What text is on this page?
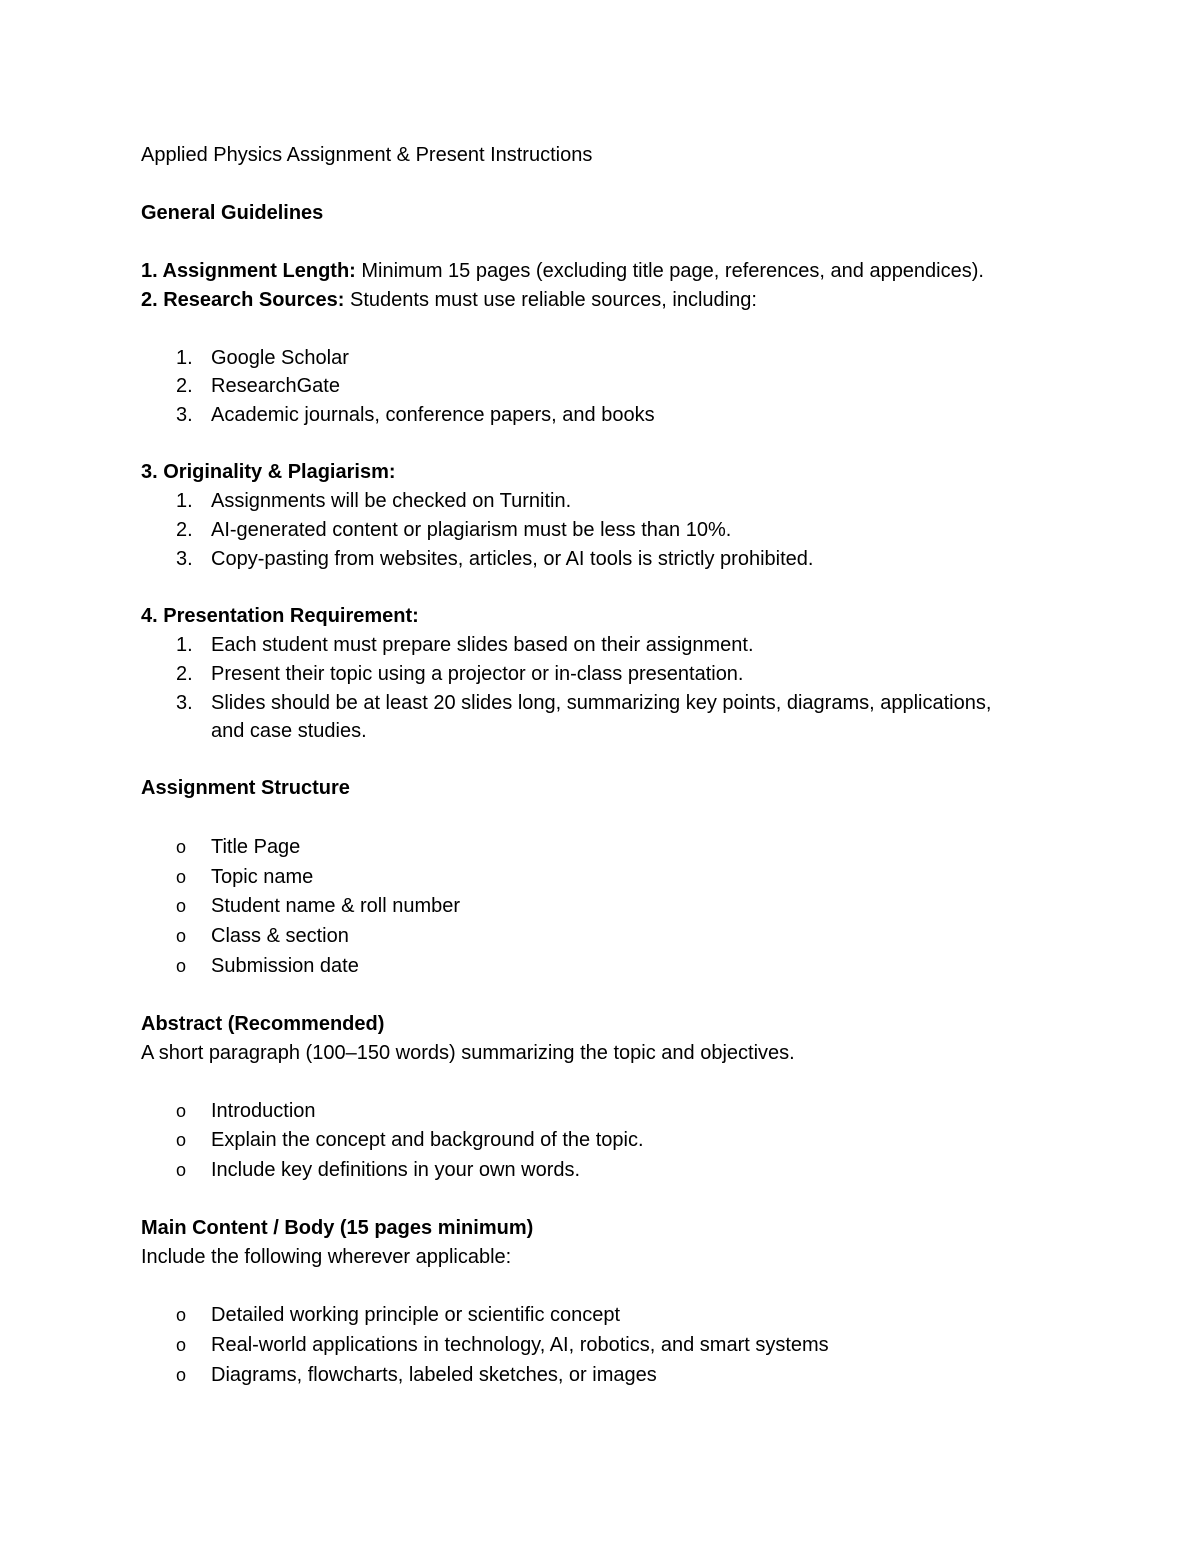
Applied Physics Assignment & Present Instructions
General Guidelines
1. Assignment Length: Minimum 15 pages (excluding title page, references, and appendices).
2. Research Sources: Students must use reliable sources, including:
1. Google Scholar
2. ResearchGate
3. Academic journals, conference papers, and books
3. Originality & Plagiarism:
1. Assignments will be checked on Turnitin.
2. AI-generated content or plagiarism must be less than 10%.
3. Copy-pasting from websites, articles, or AI tools is strictly prohibited.
4. Presentation Requirement:
1. Each student must prepare slides based on their assignment.
2. Present their topic using a projector or in-class presentation.
3. Slides should be at least 20 slides long, summarizing key points, diagrams, applications,
and case studies.
Assignment Structure
o	Title Page
o	Topic name
o	Student name & roll number
o	Class & section
o	Submission date
Abstract (Recommended)
A short paragraph (100–150 words) summarizing the topic and objectives.
o	Introduction
o	Explain the concept and background of the topic.
o	Include key definitions in your own words.
Main Content / Body (15 pages minimum)
Include the following wherever applicable:
o	Detailed working principle or scientific concept
o	Real-world applications in technology, AI, robotics, and smart systems
o	Diagrams, flowcharts, labeled sketches, or images
